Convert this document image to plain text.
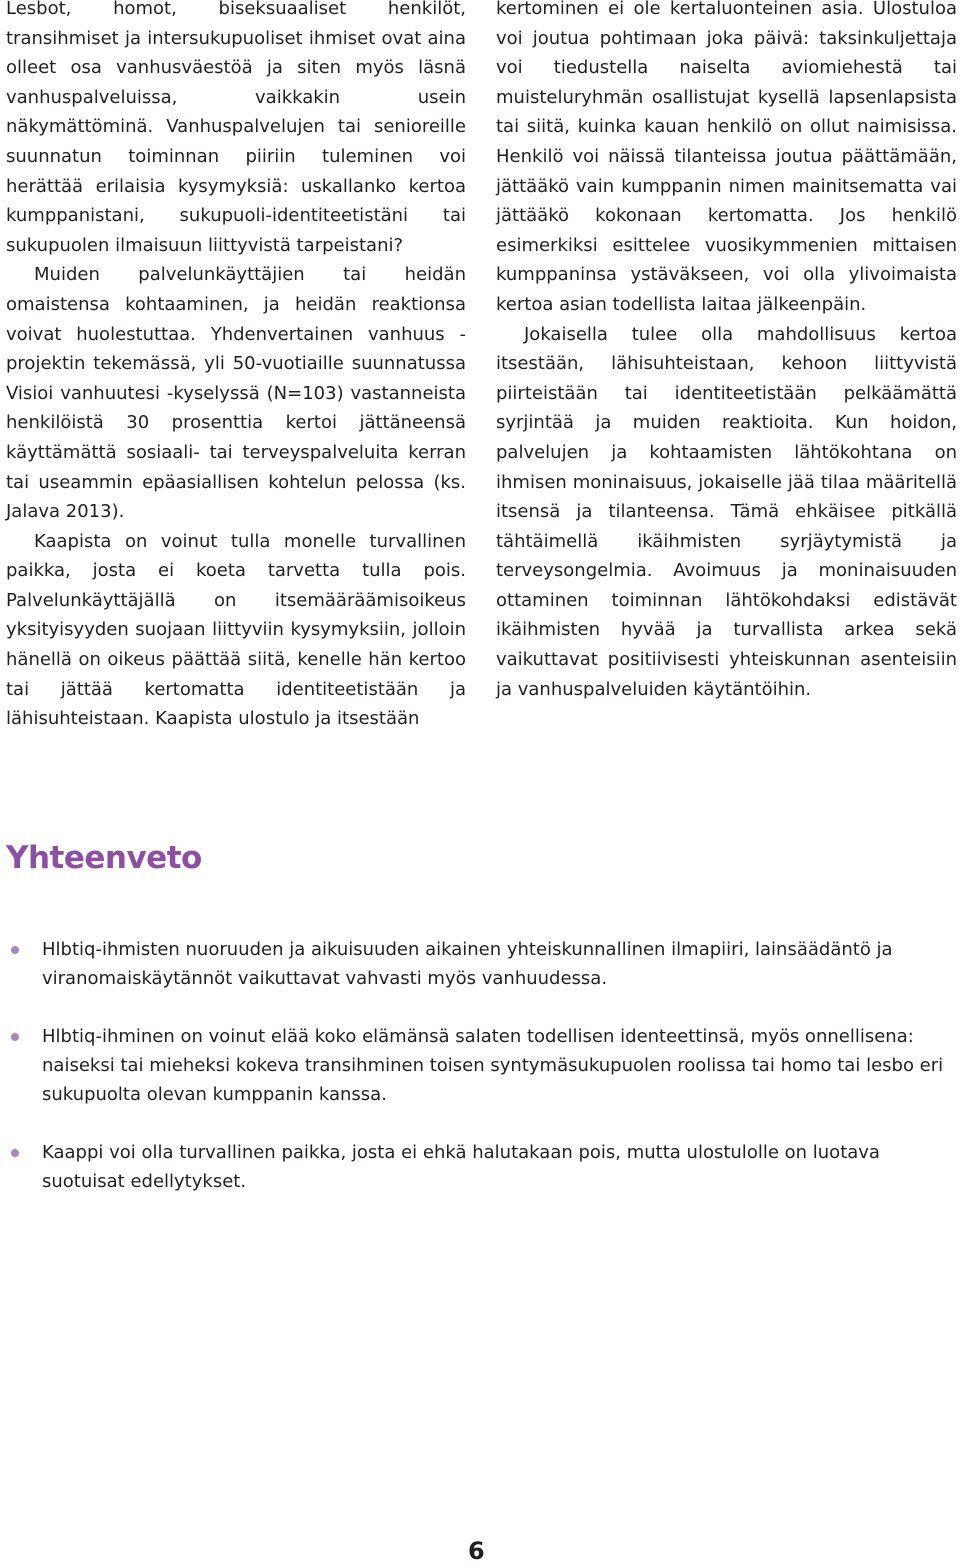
Lesbot, homot, biseksuaaliset henkilöt, transihmiset ja intersukupuoliset ihmiset ovat aina olleet osa vanhusväestöä ja siten myös läsnä vanhuspalveluissa, vaikkakin usein näkymättöminä. Vanhuspalvelujen tai senioreille suunnatun toiminnan piiriin tuleminen voi herättää erilaisia kysymyksiä: uskallanko kertoa kumppanistani, sukupuoli-identiteetistäni tai sukupuolen ilmaisuun liittyvistä tarpeistani?

Muiden palvelunkäyttäjien tai heidän omaistensa kohtaaminen, ja heidän reaktionsa voivat huolestuttaa. Yhdenvertainen vanhuus -projektin tekemässä, yli 50-vuotiaille suunnatussa Visioi vanhuutesi -kyselyssä (N=103) vastanneista henkilöistä 30 prosenttia kertoi jättäneensä käyttämättä sosiaali- tai terveyspalveluita kerran tai useammin epäasiallisen kohtelun pelossa (ks. Jalava 2013).

Kaapista on voinut tulla monelle turvallinen paikka, josta ei koeta tarvetta tulla pois. Palvelunkäyttäjällä on itsemääräämisoikeus yksityisyyden suojaan liittyviin kysymyksiin, jolloin hänellä on oikeus päättää siitä, kenelle hän kertoo tai jättää kertomatta identiteetistään ja lähisuhteistaan. Kaapista ulostulo ja itsestään

kertominen ei ole kertaluonteinen asia. Ulostuloa voi joutua pohtimaan joka päivä: taksinkuljettaja voi tiedustella naiselta aviomiehestä tai muisteluryhmän osallistujat kysellä lapsenlapsista tai siitä, kuinka kauan henkilö on ollut naimisissa. Henkilö voi näissä tilanteissa joutua päättämään, jättääkö vain kumppanin nimen mainitsematta vai jättääkö kokonaan kertomatta. Jos henkilö esimerkiksi esittelee vuosikymmenien mittaisen kumppaninsa ystäväkseen, voi olla ylivoimaista kertoa asian todellista laitaa jälkeenpäin.

Jokaisella tulee olla mahdollisuus kertoa itsestään, lähisuhteistaan, kehoon liittyvistä piirteistään tai identiteetistään pelkäämättä syrjintää ja muiden reaktioita. Kun hoidon, palvelujen ja kohtaamisten lähtökohtana on ihmisen moninaisuus, jokaiselle jää tilaa määritellä itsensä ja tilanteensa. Tämä ehkäisee pitkällä tähtäimellä ikäihmisten syrjäytymistä ja terveysongelmia. Avoimuus ja moninaisuuden ottaminen toiminnan lähtökohdaksi edistävät ikäihmisten hyvää ja turvallista arkea sekä vaikuttavat positiivisesti yhteiskunnan asenteisiin ja vanhuspalveluiden käytäntöihin.

Yhteenveto
Hlbtiq-ihmisten nuoruuden ja aikuisuuden aikainen yhteiskunnallinen ilmapiiri, lainsäädäntö ja viranomaiskäytännöt vaikuttavat vahvasti myös vanhuudessa.
Hlbtiq-ihminen on voinut elää koko elämänsä salaten todellisen identeettinsä, myös onnellisena: naiseksi tai mieheksi kokeva transihminen toisen syntymäsukupuolen roolissa tai homo tai lesbo eri sukupuolta olevan kumppanin kanssa.
Kaappi voi olla turvallinen paikka, josta ei ehkä halutakaan pois, mutta ulostulolle on luotava suotuisat edellytykset.
6
